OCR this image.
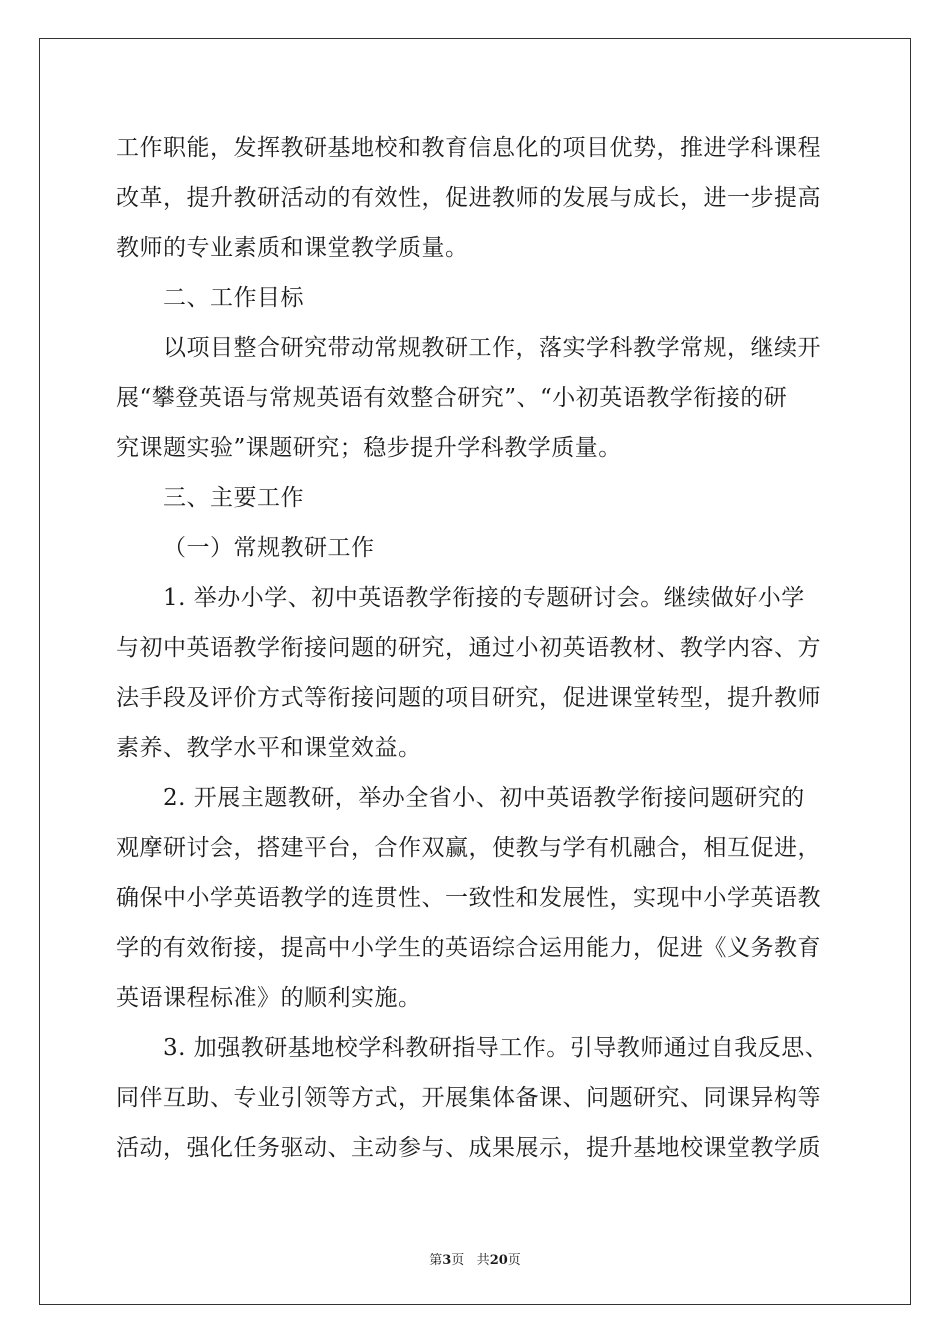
工作职能，发挥教研基地校和教育信息化的项目优势，推进学科课程
改革，提升教研活动的有效性，促进教师的发展与成长，进一步提高
教师的专业素质和课堂教学质量。
二、工作目标
以项目整合研究带动常规教研工作，落实学科教学常规，继续开
展“攀登英语与常规英语有效整合研究”、“小初英语教学衔接的研
究课题实验”课题研究；稳步提升学科教学质量。
三、主要工作
（一）常规教研工作
1. 举办小学、初中英语教学衔接的专题研讨会。继续做好小学
与初中英语教学衔接问题的研究，通过小初英语教材、教学内容、方
法手段及评价方式等衔接问题的项目研究，促进课堂转型，提升教师
素养、教学水平和课堂效益。
2. 开展主题教研，举办全省小、初中英语教学衔接问题研究的
观摩研讨会，搭建平台，合作双赢，使教与学有机融合，相互促进，
确保中小学英语教学的连贯性、一致性和发展性，实现中小学英语教
学的有效衔接，提高中小学生的英语综合运用能力，促进《义务教育
英语课程标准》的顺利实施。
3. 加强教研基地校学科教研指导工作。引导教师通过自我反思、
同伴互助、专业引领等方式，开展集体备课、问题研究、同课异构等
活动，强化任务驱动、主动参与、成果展示，提升基地校课堂教学质
第3页 共20页
